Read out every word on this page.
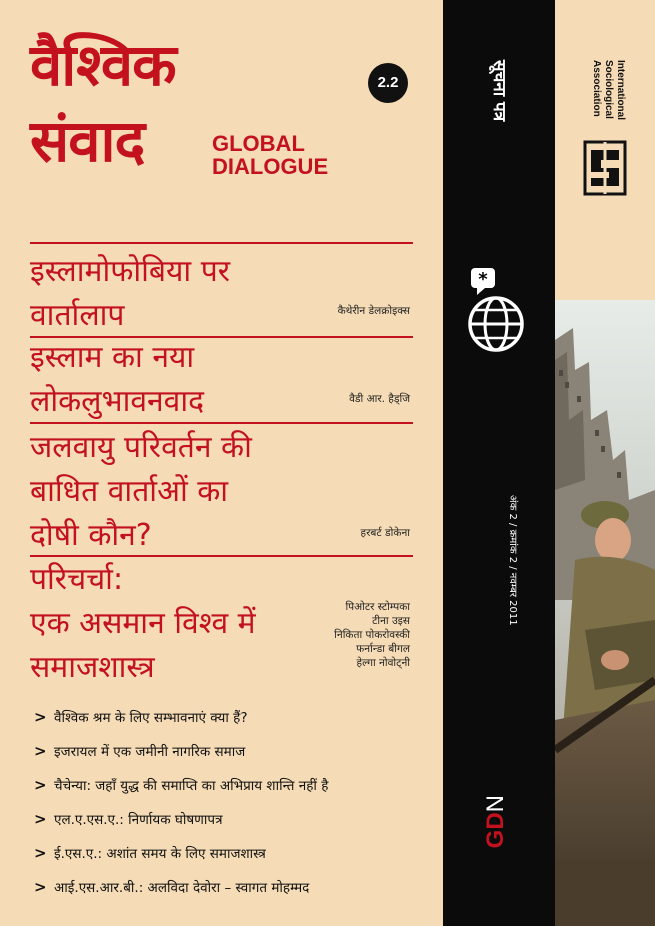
वैश्विक
संवाद	GLOBAL
DIALOGUE
2.2
इस्लामोफोबिया पर
वार्तालाप	कैथेरीन डेलक्रोइक्स
इस्लाम का नया
लोकलुभावनवाद	वैडी आर. हैड्जि
जलवायु परिवर्तन की
बाधित वार्ताओं का
दोषी कौन?	हरबर्ट डोकेना
परिचर्चा:
एक असमान विश्व में
समाजशास्त्र
पिओटर स्टोम्पका
टीना उइस
निकिता पोकरोवस्की
फर्नान्डा बीगल
हेल्गा नोवोट्नी
> वैश्विक श्रम के लिए सम्भावनाएं क्या हैं?
> इजरायल में एक जमीनी नागरिक समाज
> चैचेन्या: जहाँ युद्ध की समाप्ति का अभिप्राय शान्ति नहीं है
> एल.ए.एस.ए.: निर्णायक घोषणापत्र
> ई.एस.ए.: अशांत समय के लिए समाजशास्त्र
> आई.एस.आर.बी.: अलविदा देवोरा – स्वागत मोहम्मद
सूचना पत्र
*
अंक 2 / क्रमांक 2 / नवम्बर 2011
GDN
International
Sociological
Association
